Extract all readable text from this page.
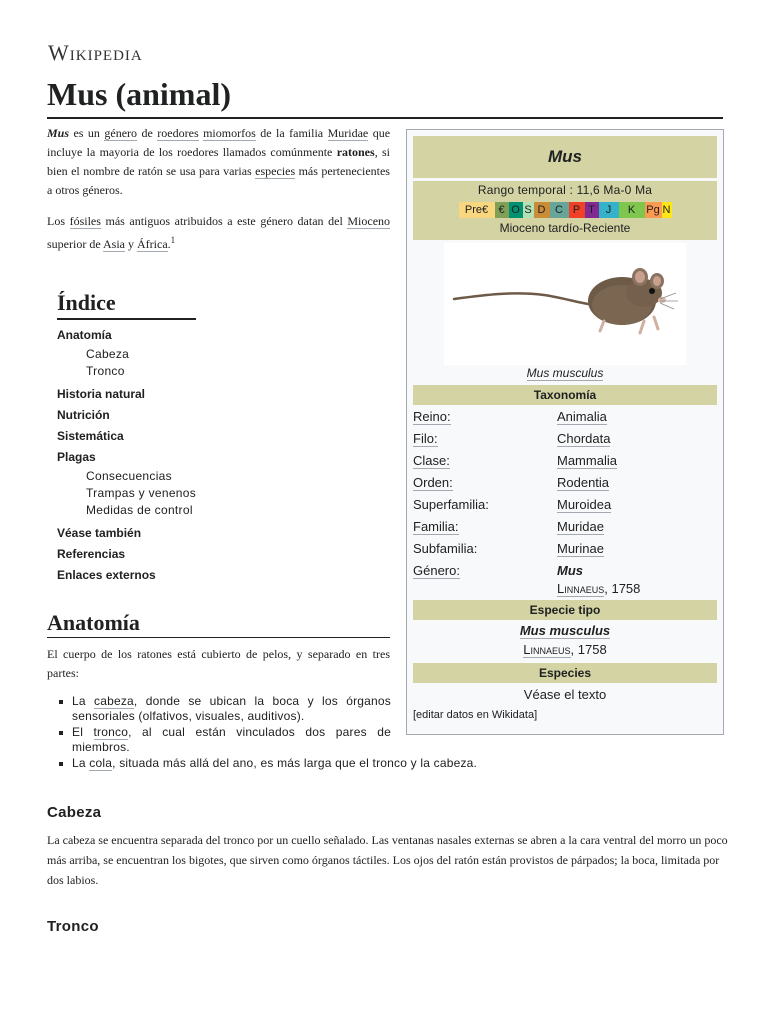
Wikipedia
Mus (animal)

Mus es un género de roedores miomorfos de la familia Muridae que incluye la mayoria de los roedores llamados comúnmente ratones, si bien el nombre de ratón se usa para varias especies más pertenecientes a otros géneros.

Los fósiles más antiguos atribuidos a este género datan del Mioceno superior de Asia y África.$^1$

Índice
Anatomía
Cabeza
Tronco
Historia natural
Nutrición
Sistemática
Plagas
Consecuencias
Trampas y venenos
Medidas de control
Véase también
Referencias
Enlaces externos
Anatomía

El cuerpo de los ratones está cubierto de pelos, y separado en tres partes:

La cabeza, donde se ubican la boca y los órganos sensoriales (olfativos, visuales, auditivos).
El tronco, al cual están vinculados dos pares de miembros.
La cola, situada más allá del ano, es más larga que el tronco y la cabeza.
Cabeza

La cabeza se encuentra separada del tronco por un cuello señalado. Las ventanas nasales externas se abren a la cara ventral del morro un poco más arriba, se encuentran los bigotes, que sirven como órganos táctiles. Los ojos del ratón están provistos de párpados; la boca, limitada por dos labios.

Tronco
Mus
Rango temporal : 11,6 Ma-0 Ma
Pre€ € O S D C P T J	K	Pg N
Mioceno tardío-Reciente
Mus musculus
Taxonomía
Reino:	Animalia
Filo:	Chordata
Clase:	Mammalia
Orden:	Rodentia
Superfamilia:	Muroidea
Familia:	Muridae
Subfamilia:	Murinae
Género:	Mus
Linnaeus, 1758
Especie tipo
Mus musculus
Linnaeus, 1758
Especies
Véase el texto
[editar datos en Wikidata]
